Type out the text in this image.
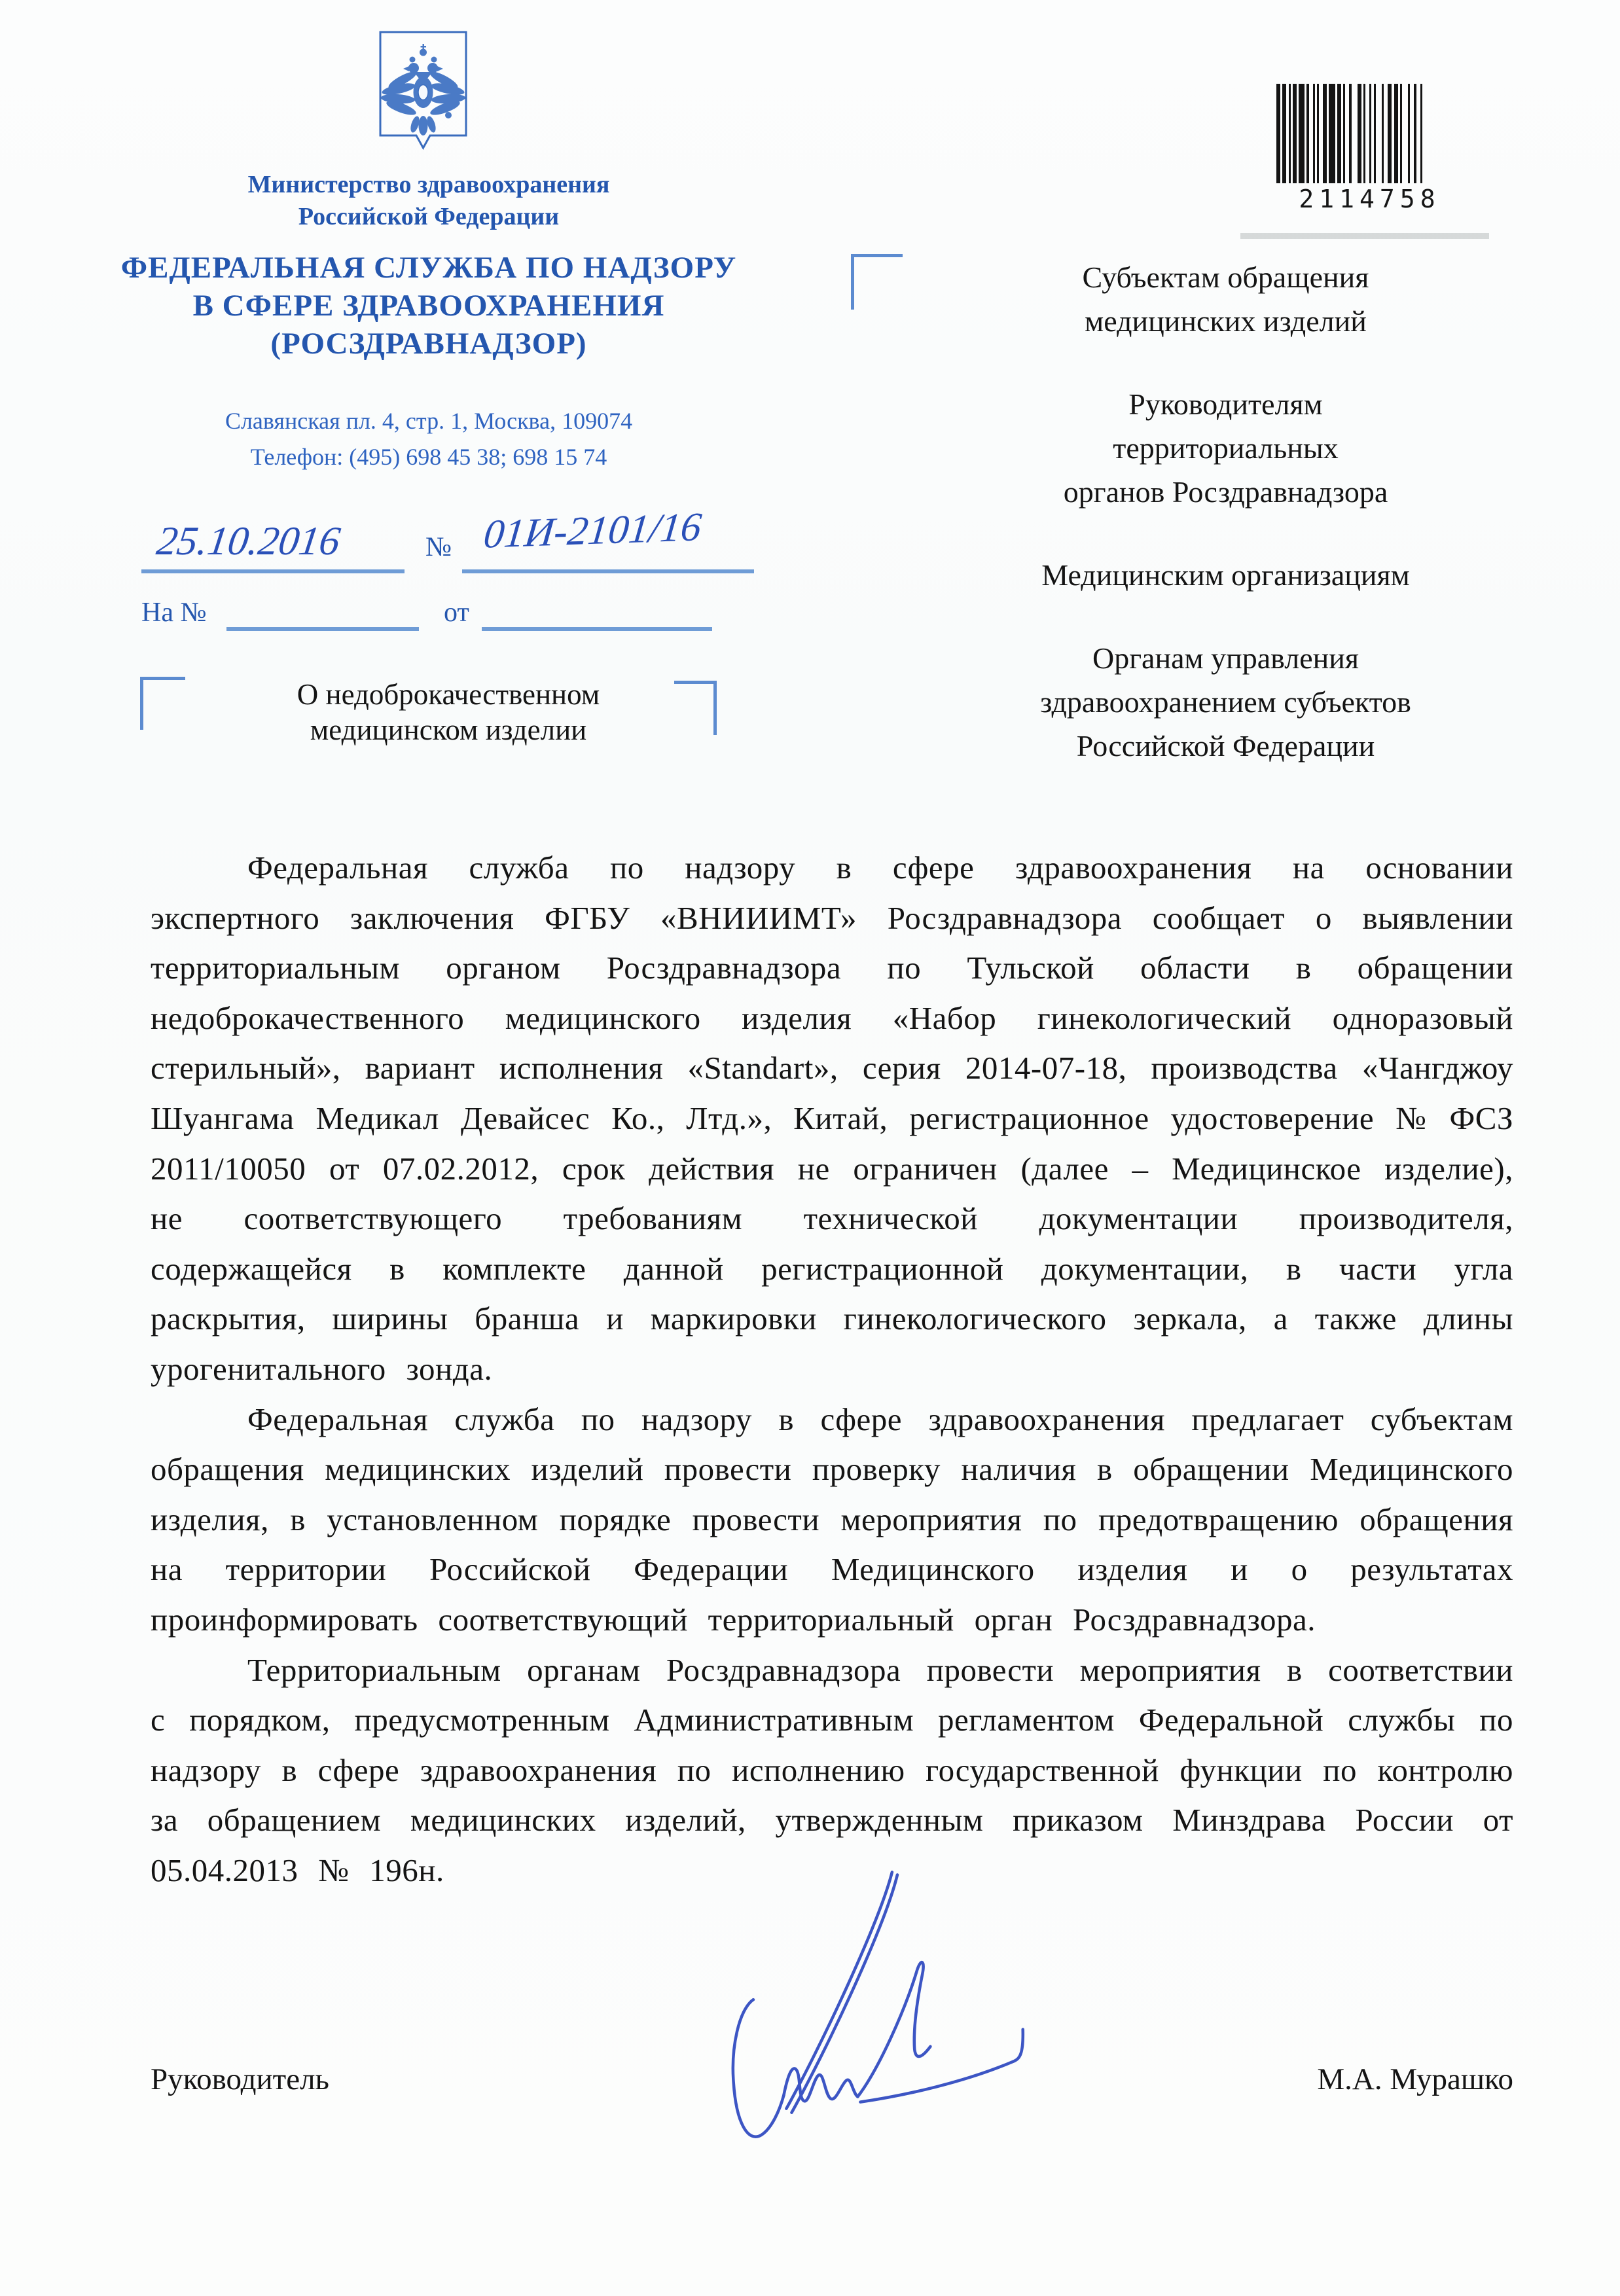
Министерство здравоохранения
Российской Федерации
ФЕДЕРАЛЬНАЯ СЛУЖБА ПО НАДЗОРУ
В СФЕРЕ ЗДРАВООХРАНЕНИЯ
(РОСЗДРАВНАДЗОР)
Славянская пл. 4, стр. 1, Москва, 109074
Телефон: (495) 698 45 38; 698 15 74
2114758
25.10.2016	№ 01И-2101/16
На №	от
О недоброкачественном
медицинском изделии
Субъектам обращения
медицинских изделий
Руководителям
территориальных
органов Росздравнадзора
Медицинским организациям
Органам управления
здравоохранением субъектов
Российской Федерации

Федеральная служба по надзору в сфере здравоохранения на основании экспертного заключения ФГБУ «ВНИИИМТ» Росздравнадзора сообщает о выявлении территориальным органом Росздравнадзора по Тульской области в обращении недоброкачественного медицинского изделия «Набор гинекологический одноразовый стерильный», вариант исполнения «Standart», серия 2014-07-18, производства «Чангджоу Шуангама Медикал Девайсес Ко., Лтд.», Китай, регистрационное удостоверение № ФСЗ 2011/10050 от 07.02.2012, срок действия не ограничен (далее – Медицинское изделие), не соответствующего требованиям технической документации производителя, содержащейся в комплекте данной регистрационной документации, в части угла раскрытия, ширины бранша и маркировки гинекологического зеркала, а также длины урогенитального зонда.

Федеральная служба по надзору в сфере здравоохранения предлагает субъектам обращения медицинских изделий провести проверку наличия в обращении Медицинского изделия, в установленном порядке провести мероприятия по предотвращению обращения на территории Российской Федерации Медицинского изделия и о результатах проинформировать соответствующий территориальный орган Росздравнадзора.

Территориальным органам Росздравнадзора провести мероприятия в соответствии с порядком, предусмотренным Административным регламентом Федеральной службы по надзору в сфере здравоохранения по исполнению государственной функции по контролю за обращением медицинских изделий, утвержденным приказом Минздрава России от 05.04.2013 № 196н.

Руководитель	М.А. Мурашко
